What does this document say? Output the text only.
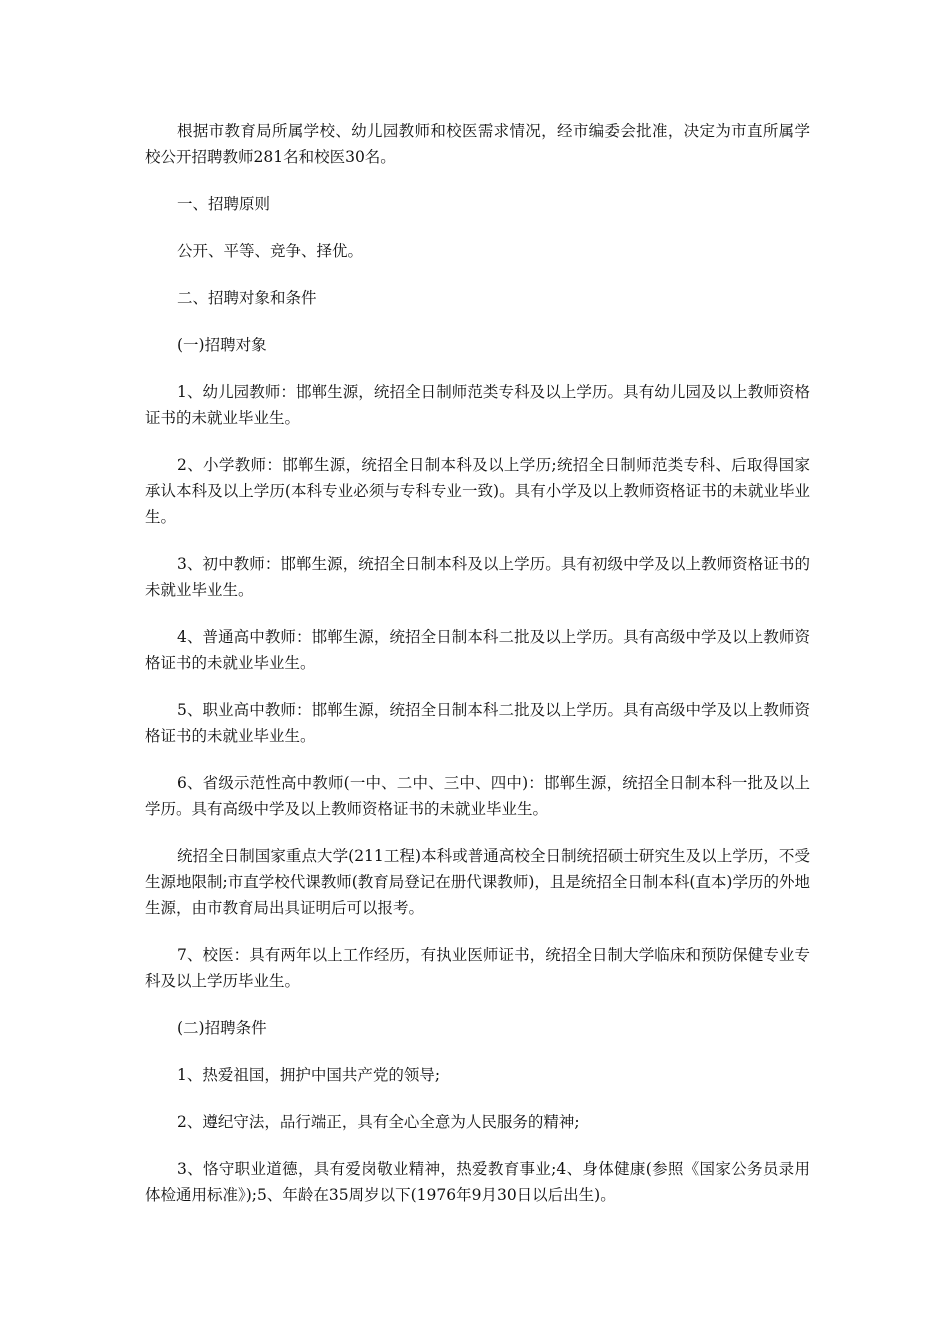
根据市教育局所属学校、幼儿园教师和校医需求情况，经市编委会批准，决定为市直所属学校公开招聘教师281名和校医30名。

一、招聘原则

公开、平等、竞争、择优。

二、招聘对象和条件

(一)招聘对象

1、幼儿园教师：邯郸生源，统招全日制师范类专科及以上学历。具有幼儿园及以上教师资格证书的未就业毕业生。

2、小学教师：邯郸生源，统招全日制本科及以上学历;统招全日制师范类专科、后取得国家承认本科及以上学历(本科专业必须与专科专业一致)。具有小学及以上教师资格证书的未就业毕业生。

3、初中教师：邯郸生源，统招全日制本科及以上学历。具有初级中学及以上教师资格证书的未就业毕业生。

4、普通高中教师：邯郸生源，统招全日制本科二批及以上学历。具有高级中学及以上教师资格证书的未就业毕业生。

5、职业高中教师：邯郸生源，统招全日制本科二批及以上学历。具有高级中学及以上教师资格证书的未就业毕业生。

6、省级示范性高中教师(一中、二中、三中、四中)：邯郸生源，统招全日制本科一批及以上学历。具有高级中学及以上教师资格证书的未就业毕业生。

统招全日制国家重点大学(211工程)本科或普通高校全日制统招硕士研究生及以上学历，不受生源地限制;市直学校代课教师(教育局登记在册代课教师)，且是统招全日制本科(直本)学历的外地生源，由市教育局出具证明后可以报考。

7、校医：具有两年以上工作经历，有执业医师证书，统招全日制大学临床和预防保健专业专科及以上学历毕业生。

(二)招聘条件

1、热爱祖国，拥护中国共产党的领导;

2、遵纪守法，品行端正，具有全心全意为人民服务的精神;

3、恪守职业道德，具有爱岗敬业精神，热爱教育事业;4、身体健康(参照《国家公务员录用体检通用标准》);5、年龄在35周岁以下(1976年9月30日以后出生)。
